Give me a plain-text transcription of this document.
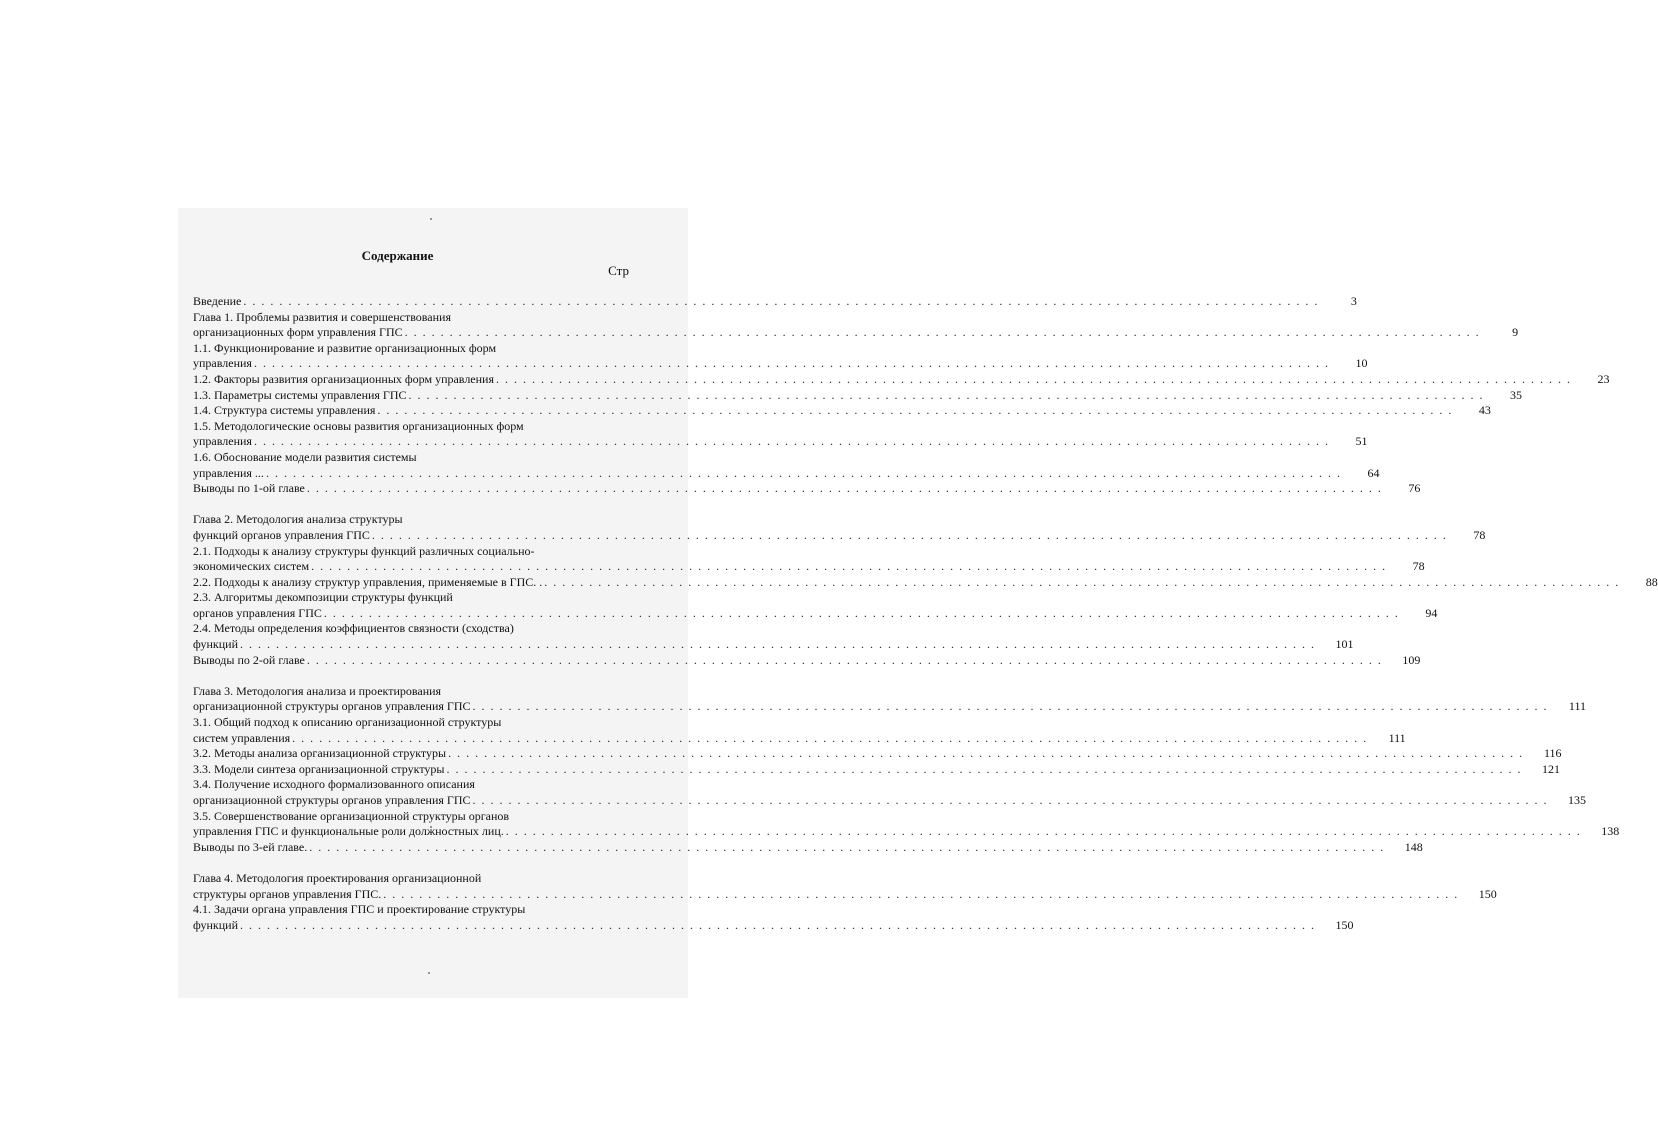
Содержание
Стр
Введение . . . . . . . . . . . . . . . . . . . . . . . . . . . . . . . . . . . . . . . . . . . . . . . . . . . . . . . . . . . . . . . . . . . . . . . . . . . . . . . . . . . . . . . . . . . . . . . . . . . . . . . . . . . . . . . . . . . . . . . .	3
Глава 1. Проблемы развития и совершенствования
организационных форм управления ГПС . . . . . . . . . . . . . . . . . . . . . . . . . . . . . . . . . . . . . . . . . . . . . . . . . . . . . . . . . . . . . . . . . . . . . . . . . . . . . . . . . . . . . . . . . . . . . . . . . . . . . . . . . . . . . . . . . . . . . . . .	9
1.1. Функционирование и развитие организационных форм
управления . . . . . . . . . . . . . . . . . . . . . . . . . . . . . . . . . . . . . . . . . . . . . . . . . . . . . . . . . . . . . . . . . . . . . . . . . . . . . . . . . . . . . . . . . . . . . . . . . . . . . . . . . . . . . . . . . . . . . . . .	10
1.2. Факторы развития организационных форм управления . . . . . . . . . . . . . . . . . . . . . . . . . . . . . . . . . . . . . . . . . . . . . . . . . . . . . . . . . . . . . . . . . . . . . . . . . . . . . . . . . . . . . . . . . . . . . . . . . . . . . . . . . . . . . . . . . . . . . . . .	23
1.3. Параметры системы управления ГПС . . . . . . . . . . . . . . . . . . . . . . . . . . . . . . . . . . . . . . . . . . . . . . . . . . . . . . . . . . . . . . . . . . . . . . . . . . . . . . . . . . . . . . . . . . . . . . . . . . . . . . . . . . . . . . . . . . . . . . . .	35
1.4. Структура системы управления . . . . . . . . . . . . . . . . . . . . . . . . . . . . . . . . . . . . . . . . . . . . . . . . . . . . . . . . . . . . . . . . . . . . . . . . . . . . . . . . . . . . . . . . . . . . . . . . . . . . . . . . . . . . . . . . . . . . . . . .	43
1.5. Методологические основы развития организационных форм
управления . . . . . . . . . . . . . . . . . . . . . . . . . . . . . . . . . . . . . . . . . . . . . . . . . . . . . . . . . . . . . . . . . . . . . . . . . . . . . . . . . . . . . . . . . . . . . . . . . . . . . . . . . . . . . . . . . . . . . . . .	51
1.6. Обоснование модели развития системы
управления ... . . . . . . . . . . . . . . . . . . . . . . . . . . . . . . . . . . . . . . . . . . . . . . . . . . . . . . . . . . . . . . . . . . . . . . . . . . . . . . . . . . . . . . . . . . . . . . . . . . . . . . . . . . . . . . . . . . . . . . . .	64
Выводы по 1-ой главе . . . . . . . . . . . . . . . . . . . . . . . . . . . . . . . . . . . . . . . . . . . . . . . . . . . . . . . . . . . . . . . . . . . . . . . . . . . . . . . . . . . . . . . . . . . . . . . . . . . . . . . . . . . . . . . . . . . . . . . .	76
Глава 2. Методология анализа структуры
функций органов управления ГПС . . . . . . . . . . . . . . . . . . . . . . . . . . . . . . . . . . . . . . . . . . . . . . . . . . . . . . . . . . . . . . . . . . . . . . . . . . . . . . . . . . . . . . . . . . . . . . . . . . . . . . . . . . . . . . . . . . . . . . . .	78
2.1. Подходы к анализу структуры функций различных социально-
экономических систем . . . . . . . . . . . . . . . . . . . . . . . . . . . . . . . . . . . . . . . . . . . . . . . . . . . . . . . . . . . . . . . . . . . . . . . . . . . . . . . . . . . . . . . . . . . . . . . . . . . . . . . . . . . . . . . . . . . . . . . .	78
2.2. Подходы к анализу структур управления, применяемые в ГПС. . . . . . . . . . . . . . . . . . . . . . . . . . . . . . . . . . . . . . . . . . . . . . . . . . . . . . . . . . . . . . . . . . . . . . . . . . . . . . . . . . . . . . . . . . . . . . . . . . . . . . . . . . . . . . . . . . . . . . . . . .	88
2.3. Алгоритмы декомпозиции структуры функций
органов управления ГПС . . . . . . . . . . . . . . . . . . . . . . . . . . . . . . . . . . . . . . . . . . . . . . . . . . . . . . . . . . . . . . . . . . . . . . . . . . . . . . . . . . . . . . . . . . . . . . . . . . . . . . . . . . . . . . . . . . . . . . . .	94
2.4. Методы определения коэффициентов связности (сходства)
функций . . . . . . . . . . . . . . . . . . . . . . . . . . . . . . . . . . . . . . . . . . . . . . . . . . . . . . . . . . . . . . . . . . . . . . . . . . . . . . . . . . . . . . . . . . . . . . . . . . . . . . . . . . . . . . . . . . . . . . . .	101
Выводы по 2-ой главе . . . . . . . . . . . . . . . . . . . . . . . . . . . . . . . . . . . . . . . . . . . . . . . . . . . . . . . . . . . . . . . . . . . . . . . . . . . . . . . . . . . . . . . . . . . . . . . . . . . . . . . . . . . . . . . . . . . . . . . .	109
Глава 3. Методология анализа и проектирования
организационной структуры органов управления ГПС . . . . . . . . . . . . . . . . . . . . . . . . . . . . . . . . . . . . . . . . . . . . . . . . . . . . . . . . . . . . . . . . . . . . . . . . . . . . . . . . . . . . . . . . . . . . . . . . . . . . . . . . . . . . . . . . . . . . . . . .	111
3.1. Общий подход к описанию организационной структуры
систем управления . . . . . . . . . . . . . . . . . . . . . . . . . . . . . . . . . . . . . . . . . . . . . . . . . . . . . . . . . . . . . . . . . . . . . . . . . . . . . . . . . . . . . . . . . . . . . . . . . . . . . . . . . . . . . . . . . . . . . . . .	111
3.2. Методы анализа организационной структуры . . . . . . . . . . . . . . . . . . . . . . . . . . . . . . . . . . . . . . . . . . . . . . . . . . . . . . . . . . . . . . . . . . . . . . . . . . . . . . . . . . . . . . . . . . . . . . . . . . . . . . . . . . . . . . . . . . . . . . . .	116
3.3. Модели синтеза организационной структуры . . . . . . . . . . . . . . . . . . . . . . . . . . . . . . . . . . . . . . . . . . . . . . . . . . . . . . . . . . . . . . . . . . . . . . . . . . . . . . . . . . . . . . . . . . . . . . . . . . . . . . . . . . . . . . . . . . . . . . . .	121
3.4. Получение исходного формализованного описания
организационной структуры органов управления ГПС . . . . . . . . . . . . . . . . . . . . . . . . . . . . . . . . . . . . . . . . . . . . . . . . . . . . . . . . . . . . . . . . . . . . . . . . . . . . . . . . . . . . . . . . . . . . . . . . . . . . . . . . . . . . . . . . . . . . . . . .	135
3.5. Совершенствование организационной структуры органов
управления ГПС и функциональные роли должностных лиц. . . . . . . . . . . . . . . . . . . . . . . . . . . . . . . . . . . . . . . . . . . . . . . . . . . . . . . . . . . . . . . . . . . . . . . . . . . . . . . . . . . . . . . . . . . . . . . . . . . . . . . . . . . . . . . . . . . . . . . . .	138
Выводы по 3-ей главе. . . . . . . . . . . . . . . . . . . . . . . . . . . . . . . . . . . . . . . . . . . . . . . . . . . . . . . . . . . . . . . . . . . . . . . . . . . . . . . . . . . . . . . . . . . . . . . . . . . . . . . . . . . . . . . . . . . . . . . . .	148
Глава 4. Методология проектирования организационной
структуры органов управления ГПС. . . . . . . . . . . . . . . . . . . . . . . . . . . . . . . . . . . . . . . . . . . . . . . . . . . . . . . . . . . . . . . . . . . . . . . . . . . . . . . . . . . . . . . . . . . . . . . . . . . . . . . . . . . . . . . . . . . . . . . . .	150
4.1. Задачи органа управления ГПС и проектирование структуры
функций . . . . . . . . . . . . . . . . . . . . . . . . . . . . . . . . . . . . . . . . . . . . . . . . . . . . . . . . . . . . . . . . . . . . . . . . . . . . . . . . . . . . . . . . . . . . . . . . . . . . . . . . . . . . . . . . . . . . . . . .	150
